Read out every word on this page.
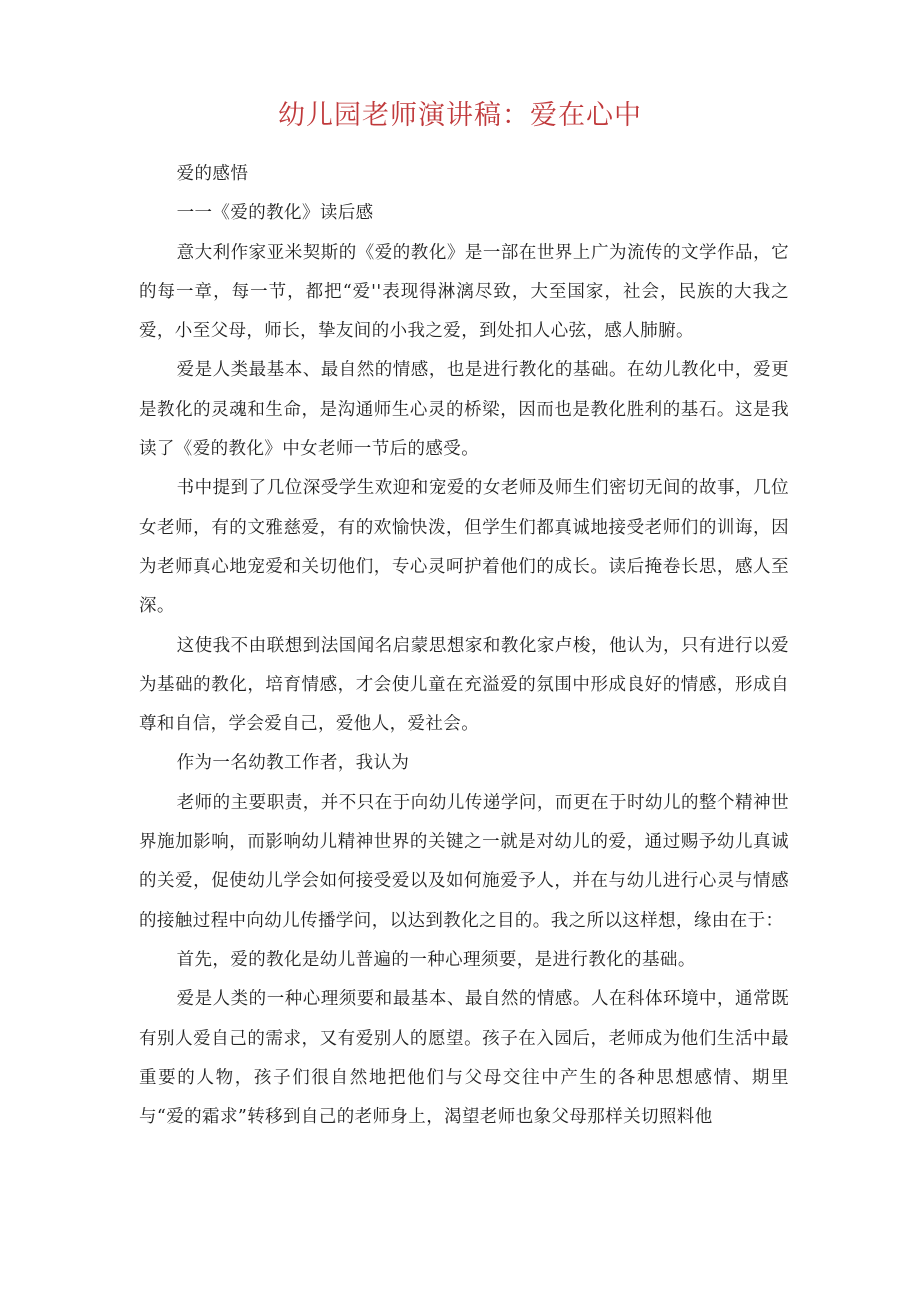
幼儿园老师演讲稿：爱在心中

爱的感悟

一一《爱的教化》读后感

意大利作家亚米契斯的《爱的教化》是一部在世界上广为流传的文学作品，它的每一章，每一节，都把“爱''表现得淋漓尽致，大至国家，社会，民族的大我之爱，小至父母，师长，挚友间的小我之爱，到处扣人心弦，感人肺腑。

爱是人类最基本、最自然的情感，也是进行教化的基础。在幼儿教化中，爱更是教化的灵魂和生命，是沟通师生心灵的桥梁，因而也是教化胜利的基石。这是我读了《爱的教化》中女老师一节后的感受。

书中提到了几位深受学生欢迎和宠爱的女老师及师生们密切无间的故事，几位女老师，有的文雅慈爱，有的欢愉快泼，但学生们都真诚地接受老师们的训诲，因为老师真心地宠爱和关切他们，专心灵呵护着他们的成长。读后掩卷长思，感人至深。

这使我不由联想到法国闻名启蒙思想家和教化家卢梭，他认为，只有进行以爱为基础的教化，培育情感，才会使儿童在充溢爱的氛围中形成良好的情感，形成自尊和自信，学会爱自己，爱他人，爱社会。

作为一名幼教工作者，我认为

老师的主要职责，并不只在于向幼儿传递学问，而更在于时幼儿的整个精神世界施加影响，而影响幼儿精神世界的关键之一就是对幼儿的爱，通过赐予幼儿真诚的关爱，促使幼儿学会如何接受爱以及如何施爱予人，并在与幼儿进行心灵与情感的接触过程中向幼儿传播学问，以达到教化之目的。我之所以这样想，缘由在于：

首先，爱的教化是幼儿普遍的一种心理须要，是进行教化的基础。

爱是人类的一种心理须要和最基本、最自然的情感。人在科体环境中，通常既有别人爱自己的需求，又有爱别人的愿望。孩子在入园后，老师成为他们生活中最重要的人物，孩子们很自然地把他们与父母交往中产生的各种思想感情、期里与“爱的霜求”转移到自己的老师身上，渴望老师也象父母那样关切照料他
